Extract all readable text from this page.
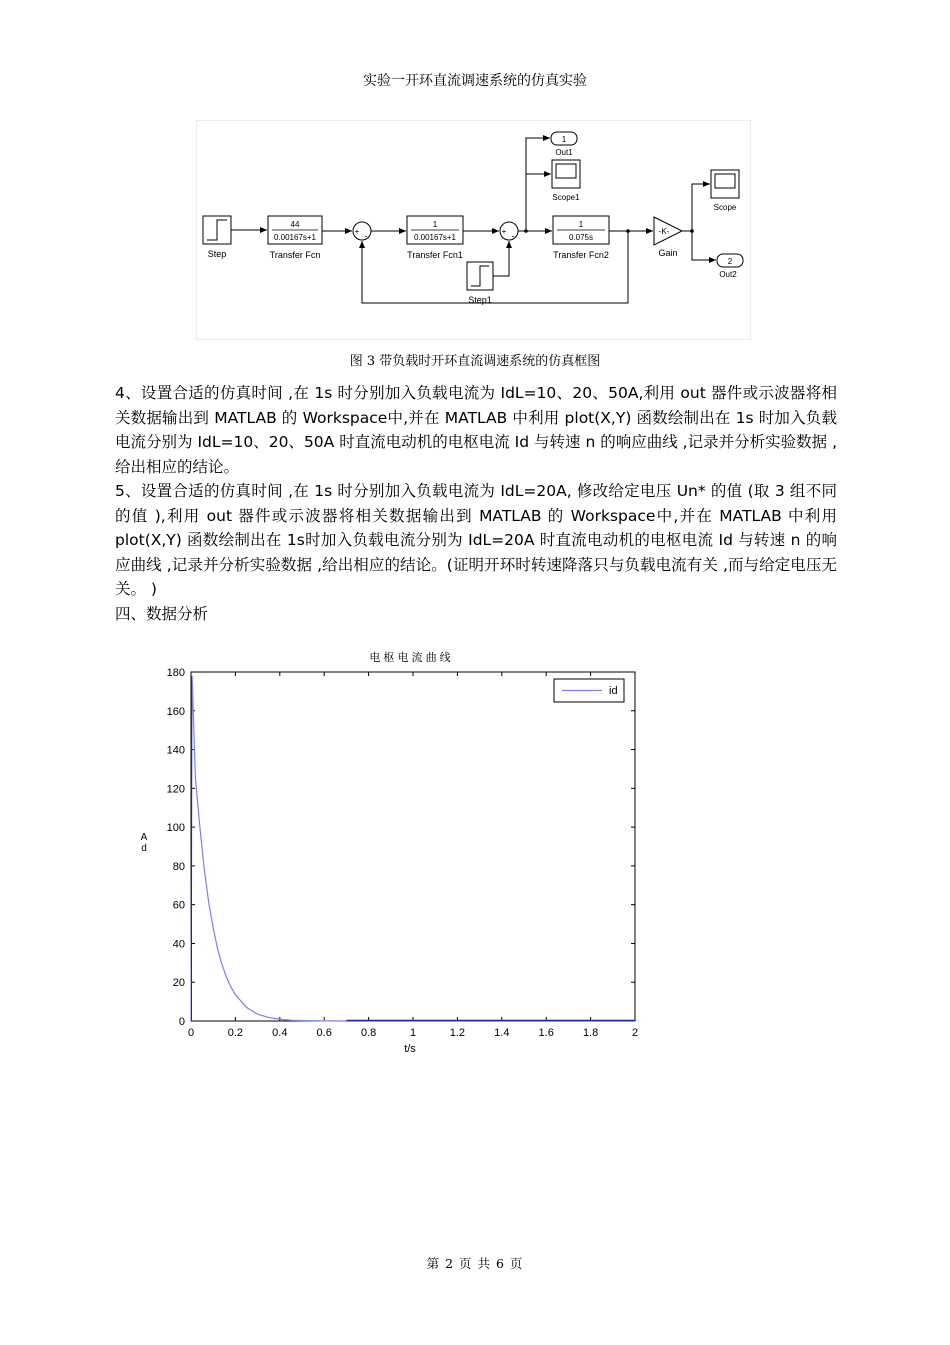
实验一开环直流调速系统的仿真实验
Step
44
0.00167s+1
Transfer Fcn
+ -
1
0.00167s+1
Transfer Fcn1
+ -
Step1
1
0.075s
Transfer Fcn2
-K-
Gain
1
Out1
Scope1
Scope
2
Out2
图 3 带负载时开环直流调速系统的仿真框图

4、设置合适的仿真时间 ,在 1s 时分别加入负载电流为 IdL=10、20、50A,利用 out 器件或示波器将相关数据输出到 MATLAB 的 Workspace中,并在 MATLAB 中利用 plot(X,Y) 函数绘制出在 1s 时加入负载电流分别为 IdL=10、20、50A 时直流电动机的电枢电流 Id 与转速 n 的响应曲线 ,记录并分析实验数据 ,给出相应的结论。

5、设置合适的仿真时间 ,在 1s 时分别加入负载电流为 IdL=20A, 修改给定电压 Un* 的值 (取 3 组不同的值 ),利用 out 器件或示波器将相关数据输出到 MATLAB 的 Workspace中,并在 MATLAB 中利用 plot(X,Y) 函数绘制出在 1s时加入负载电流分别为 IdL=20A 时直流电动机的电枢电流 Id 与转速 n 的响应曲线 ,记录并分析实验数据 ,给出相应的结论。(证明开环时转速降落只与负载电流有关 ,而与给定电压无关。 )

四、数据分析

电 枢 电 流 曲 线
t/s
A
d
0	0.2	0.4	0.6	0.8	1	1.2	1.4	1.6	1.8	2
0
20
40
60
80
100
120
140
160
180
id
第 2 页 共 6 页
